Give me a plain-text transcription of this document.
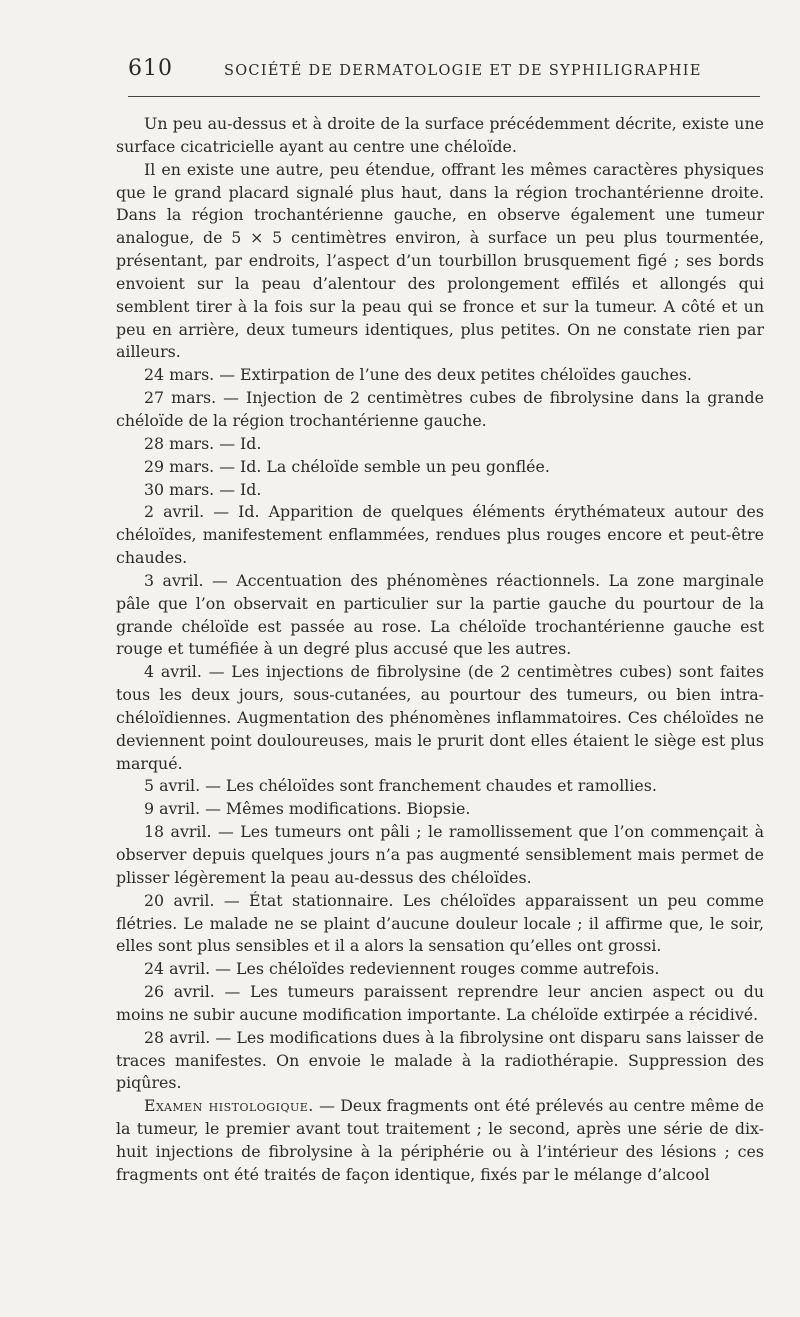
610	SOCIÉTÉ DE DERMATOLOGIE ET DE SYPHILIGRAPHIE

Un peu au-dessus et à droite de la surface précédemment décrite, existe une surface cicatricielle ayant au centre une chéloïde.

Il en existe une autre, peu étendue, offrant les mêmes caractères physiques que le grand placard signalé plus haut, dans la région trochantérienne droite. Dans la région trochantérienne gauche, en observe également une tumeur analogue, de 5 × 5 centimètres environ, à surface un peu plus tourmentée, présentant, par endroits, l’aspect d’un tourbillon brusquement figé ; ses bords envoient sur la peau d’alentour des prolongement effilés et allongés qui semblent tirer à la fois sur la peau qui se fronce et sur la tumeur. A côté et un peu en arrière, deux tumeurs identiques, plus petites. On ne constate rien par ailleurs.

24 mars. — Extirpation de l’une des deux petites chéloïdes gauches.

27 mars. — Injection de 2 centimètres cubes de fibrolysine dans la grande chéloïde de la région trochantérienne gauche.

28 mars. — Id.

29 mars. — Id. La chéloïde semble un peu gonflée.

30 mars. — Id.

2 avril. — Id. Apparition de quelques éléments érythémateux autour des chéloïdes, manifestement enflammées, rendues plus rouges encore et peut-être chaudes.

3 avril. — Accentuation des phénomènes réactionnels. La zone marginale pâle que l’on observait en particulier sur la partie gauche du pourtour de la grande chéloïde est passée au rose. La chéloïde trochantérienne gauche est rouge et tuméfiée à un degré plus accusé que les autres.

4 avril. — Les injections de fibrolysine (de 2 centimètres cubes) sont faites tous les deux jours, sous-cutanées, au pourtour des tumeurs, ou bien intra-chéloïdiennes. Augmentation des phénomènes inflammatoires. Ces chéloïdes ne deviennent point douloureuses, mais le prurit dont elles étaient le siège est plus marqué.

5 avril. — Les chéloïdes sont franchement chaudes et ramollies.

9 avril. — Mêmes modifications. Biopsie.

18 avril. — Les tumeurs ont pâli ; le ramollissement que l’on commençait à observer depuis quelques jours n’a pas augmenté sensiblement mais permet de plisser légèrement la peau au-dessus des chéloïdes.

20 avril. — État stationnaire. Les chéloïdes apparaissent un peu comme flétries. Le malade ne se plaint d’aucune douleur locale ; il affirme que, le soir, elles sont plus sensibles et il a alors la sensation qu’elles ont grossi.

24 avril. — Les chéloïdes redeviennent rouges comme autrefois.

26 avril. — Les tumeurs paraissent reprendre leur ancien aspect ou du moins ne subir aucune modification importante. La chéloïde extirpée a récidivé.

28 avril. — Les modifications dues à la fibrolysine ont disparu sans laisser de traces manifestes. On envoie le malade à la radiothérapie. Suppression des piqûres.

Examen histologique. — Deux fragments ont été prélevés au centre même de la tumeur, le premier avant tout traitement ; le second, après une série de dix-huit injections de fibrolysine à la périphérie ou à l’intérieur des lésions ; ces fragments ont été traités de façon identique, fixés par le mélange d’alcool
